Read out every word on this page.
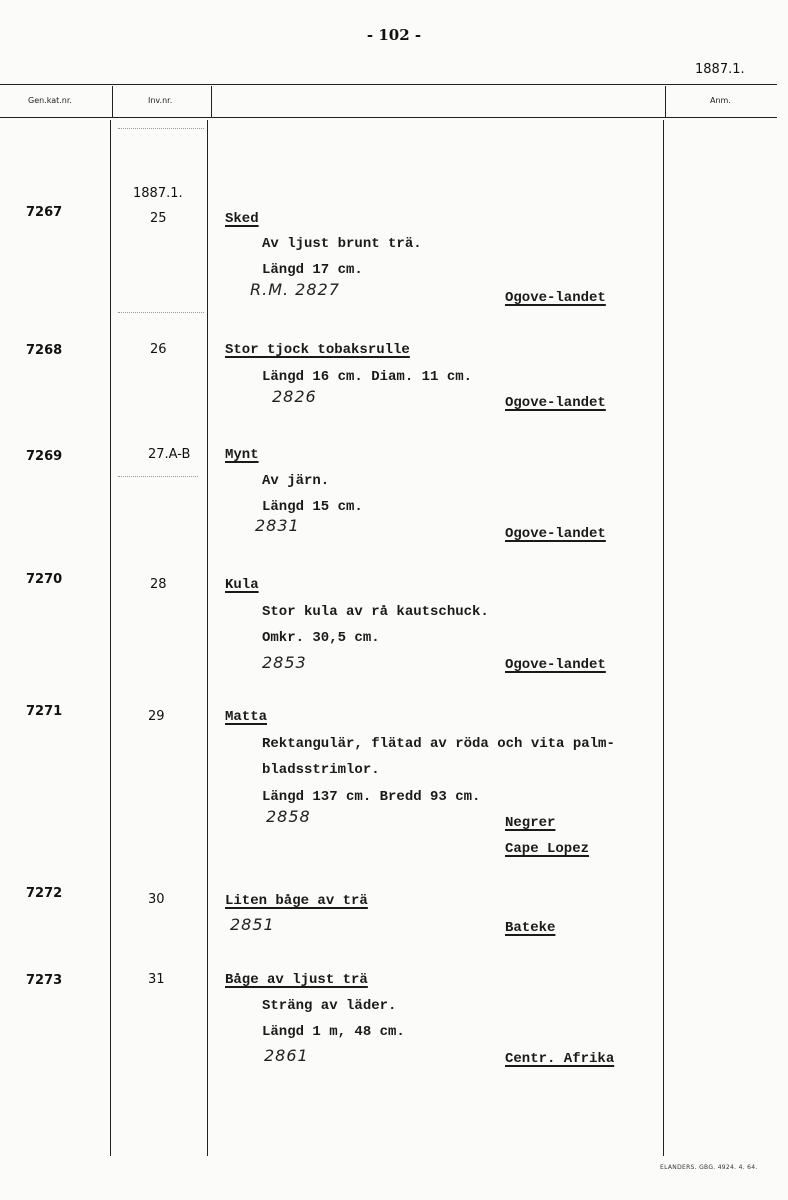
- 102 -
1887.1.
Gen.kat.nr.	Inv.nr.	Anm.
1887.1.
7267	25	Sked
Av ljust brunt trä.
Längd 17 cm.
R.M. 2827	Ogove-landet
7268	26	Stor tjock tobaksrulle
Längd 16 cm. Diam. 11 cm.
2826	Ogove-landet
7269	27.A-B Mynt
Av järn.
Längd 15 cm.
2831	Ogove-landet
7270	28	Kula
Stor kula av rå kautschuck.
Omkr. 30,5 cm.
2853	Ogove-landet
7271	29	Matta
Rektangulär, flätad av röda och vita palm-
bladsstrimlor.
Längd 137 cm. Bredd 93 cm.
2858	Negrer
Cape Lopez
7272	30	Liten båge av trä
2851	Bateke
7273	31	Båge av ljust trä
Sträng av läder.
Längd 1 m, 48 cm.
2861	Centr. Afrika
ELANDERS. GBG. 4924. 4. 64.
